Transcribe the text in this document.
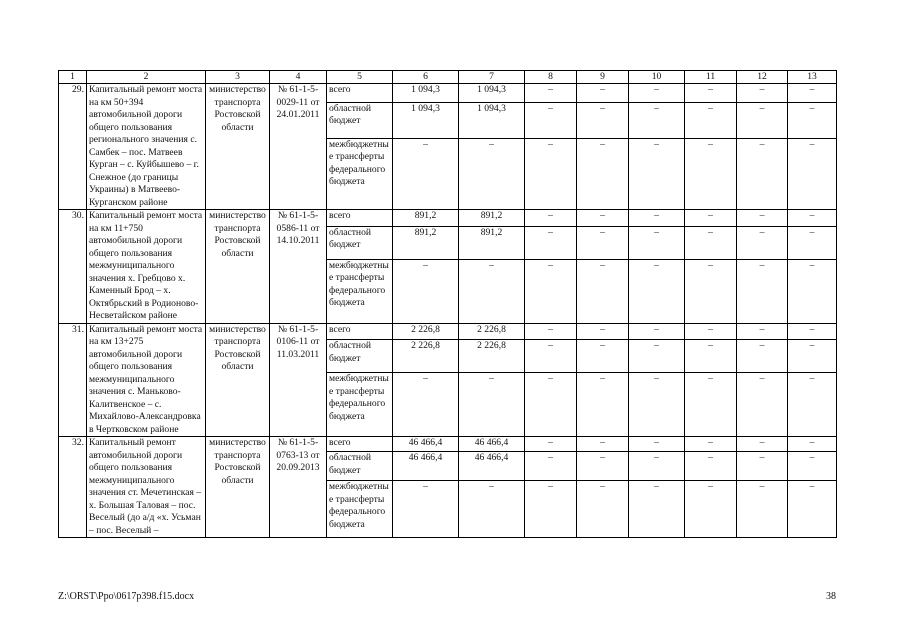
1	2	3	4	5	6	7	8	9	10	11	12	13
29.	Капитальный ремонт моста на км 50+394 автомобильной дороги общего пользования регионального значения с. Самбек – пос. Матвеев Курган – с. Куйбышево – г. Снежное (до границы Украины) в Матвеево-Курганском районе	министерство транспорта Ростовской области	№ 61-1-5-0029-11 от 24.01.2011	всего	1 094,3	1 094,3	–	–	–	–	–	–
				областной бюджет	1 094,3	1 094,3	–	–	–	–	–	–
				межбюджетные трансферты федерального бюджета	–	–	–	–	–	–	–	–
30.	Капитальный ремонт моста на км 11+750 автомобильной дороги общего пользования межмуниципального значения х. Гребцово х. Каменный Брод – х. Октябрьский в Родионово-Несветайском районе	министерство транспорта Ростовской области	№ 61-1-5-0586-11 от 14.10.2011	всего	891,2	891,2	–	–	–	–	–	–
				областной бюджет	891,2	891,2	–	–	–	–	–	–
				межбюджетные трансферты федерального бюджета	–	–	–	–	–	–	–	–
31.	Капитальный ремонт моста на км 13+275 автомобильной дороги общего пользования межмуниципального значения с. Маньково-Калитвенское – с. Михайлово-Александровка в Чертковском районе	министерство транспорта Ростовской области	№ 61-1-5-0106-11 от 11.03.2011	всего	2 226,8	2 226,8	–	–	–	–	–	–
				областной бюджет	2 226,8	2 226,8	–	–	–	–	–	–
				межбюджетные трансферты федерального бюджета	–	–	–	–	–	–	–	–
32.	Капитальный ремонт автомобильной дороги общего пользования межмуниципального значения ст. Мечетинская – х. Большая Таловая – пос. Веселый (до а/д «х. Усьман – пос. Веселый –	министерство транспорта Ростовской области	№ 61-1-5-0763-13 от 20.09.2013	всего	46 466,4	46 466,4	–	–	–	–	–	–
				областной бюджет	46 466,4	46 466,4	–	–	–	–	–	–
				межбюджетные трансферты федерального бюджета	–	–	–	–	–	–	–	–
Z:\ORST\Ppo\0617p398.f15.docx	38
